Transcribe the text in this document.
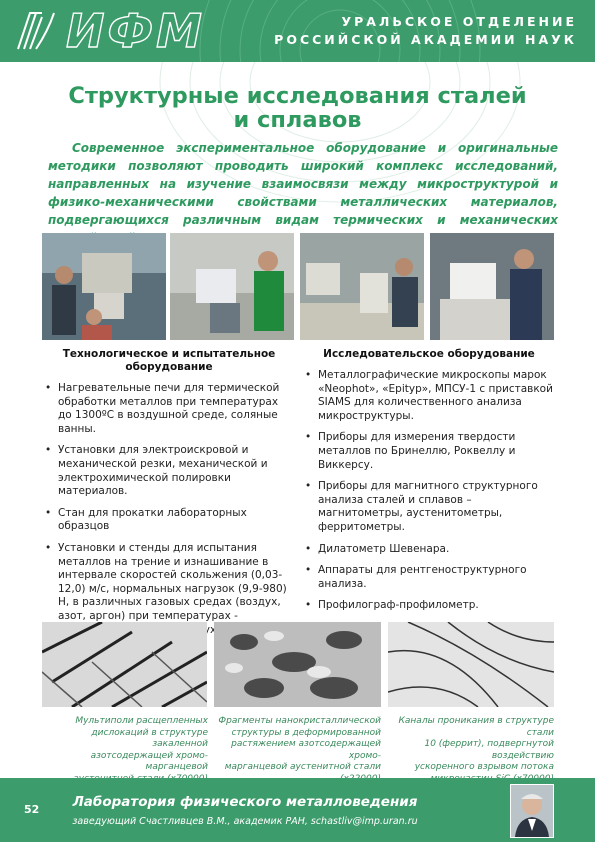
ИФМ	УРАЛЬСКОЕ ОТДЕЛЕНИЕ
РОССИЙСКОЙ АКАДЕМИИ НАУК
Структурные исследования сталей
и сплавов
Современное экспериментальное оборудование и оригинальные методики позволяют проводить широкий комплекс исследований, направленных на изучение взаимосвязи между микроструктурой и физико-механическими свойствами металлических материалов, подвергающихся различным видам термических и механических
Технологическое и испытательное
оборудование
• Нагревательные печи для термической обработки металлов при температурах до 1300ºС в воздушной среде, соляные ванны.
• Установки для электроискровой и механической резки, механической и электрохимической полировки материалов.
• Стан для прокатки лабораторных образцов
• Установки и стенды для испытания металлов на трение и изнашивание в интервале скоростей скольжения (0,03-12,0) м/с, нормальных нагрузок (9,9-980) Н, в различных газовых средах (воздух, азот, аргон) при температурах -
Исследовательское оборудование
• Металлографические микроскопы марок «Neophot», «Epityp», МПСУ-1 с приставкой SIAMS для количественного анализа микроструктуры.
• Приборы для измерения твердости металлов по Бринеллю, Роквеллу и Виккерсу.
• Приборы для магнитного структурного анализа сталей и сплавов – магнитометры, аустенитометры, ферритометры.
• Дилатометр Шевенара.
• Аппараты для рентгеноструктурного анализа.
• Профилограф-профилометр.
Мультиполи расщепленных
дислокаций в структуре закаленной
азотсодержащей хромо-марганцевой
Фрагменты нанокристаллической
структуры в деформированной
растяжением азотсодержащей хромо-
марганцевой аустенитной стали
Каналы проникания в структуре стали
10 (феррит), подвергнутой воздействию
ускоренного взрывом потока
52	Лаборатория физического металловедения
заведующий Счастливцев В.М., академик РАН, schastliv@imp.uran.ru
